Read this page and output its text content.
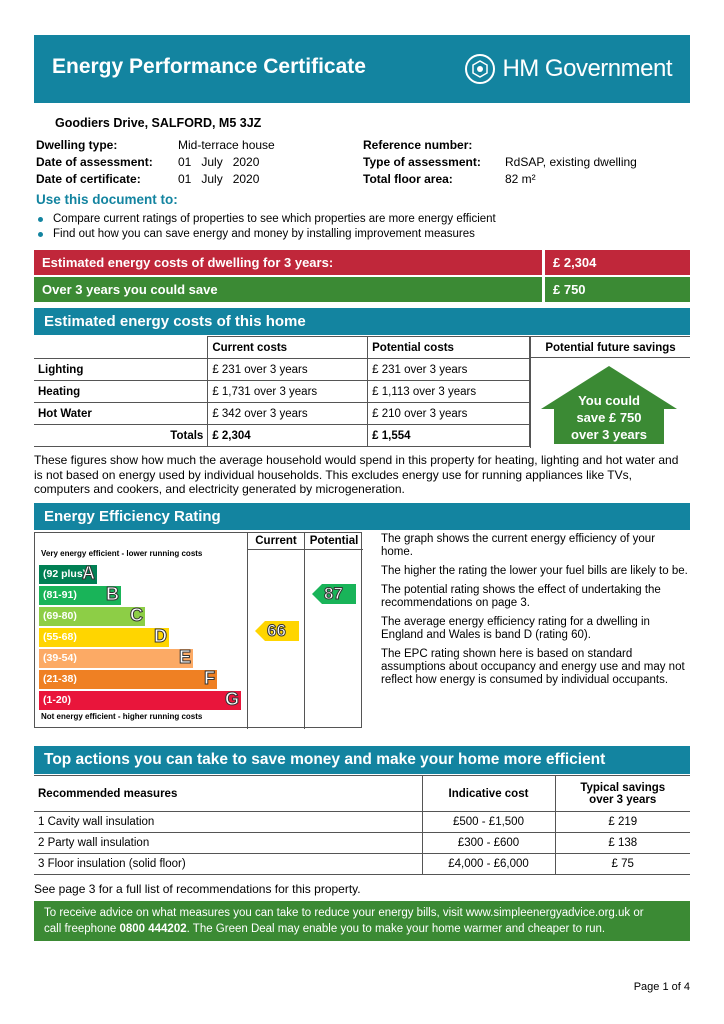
Energy Performance Certificate	HM Government
Goodiers Drive, SALFORD, M5 3JZ
Dwelling type:	Mid-terrace house
Date of assessment:	01   July   2020
Date of certificate:	01   July   2020
Reference number:
Type of assessment:	RdSAP, existing dwelling
Total floor area:	82 m²
Use this document to:
Compare current ratings of properties to see which properties are more energy efficient
Find out how you can save energy and money by installing improvement measures
Estimated energy costs of dwelling for 3 years:	£ 2,304
Over 3 years you could save	£ 750
Estimated energy costs of this home
	Current costs	Potential costs
Lighting	£ 231 over 3 years	£ 231 over 3 years
Heating	£ 1,731 over 3 years	£ 1,113 over 3 years
Hot Water	£ 342 over 3 years	£ 210 over 3 years
Totals	£ 2,304	£ 1,554
Potential future savings
You could
save £ 750
over 3 years
These figures show how much the average household would spend in this property for heating, lighting and hot water and is not based on energy used by individual households. This excludes energy use for running appliances like TVs, computers and cookers, and electricity generated by microgeneration.
Energy Efficiency Rating
Current	Potential
Very energy efficient - lower running costs
Not energy efficient - higher running costs
(92 plus)
A
(81-91) B
(69-80)	C
(55-68)	D
(39-54)	E
(21-38)	F
(1-20)	G
66
87

The graph shows the current energy efficiency of your home.

The higher the rating the lower your fuel bills are likely to be.

The potential rating shows the effect of undertaking the recommendations on page 3.

The average energy efficiency rating for a dwelling in England and Wales is band D (rating 60).

The EPC rating shown here is based on standard assumptions about occupancy and energy use and may not reflect how energy is consumed by individual occupants.

Top actions you can take to save money and make your home more efficient
Recommended measures	Indicative cost	Typical savings over 3 years
1 Cavity wall insulation	£500 - £1,500	£ 219
2 Party wall insulation	£300 - £600	£ 138
3 Floor insulation (solid floor)	£4,000 - £6,000	£ 75
See page 3 for a full list of recommendations for this property.
To receive advice on what measures you can take to reduce your energy bills, visit www.simpleenergyadvice.org.uk or
call freephone 0800 444202. The Green Deal may enable you to make your home warmer and cheaper to run.
Page 1 of 4
